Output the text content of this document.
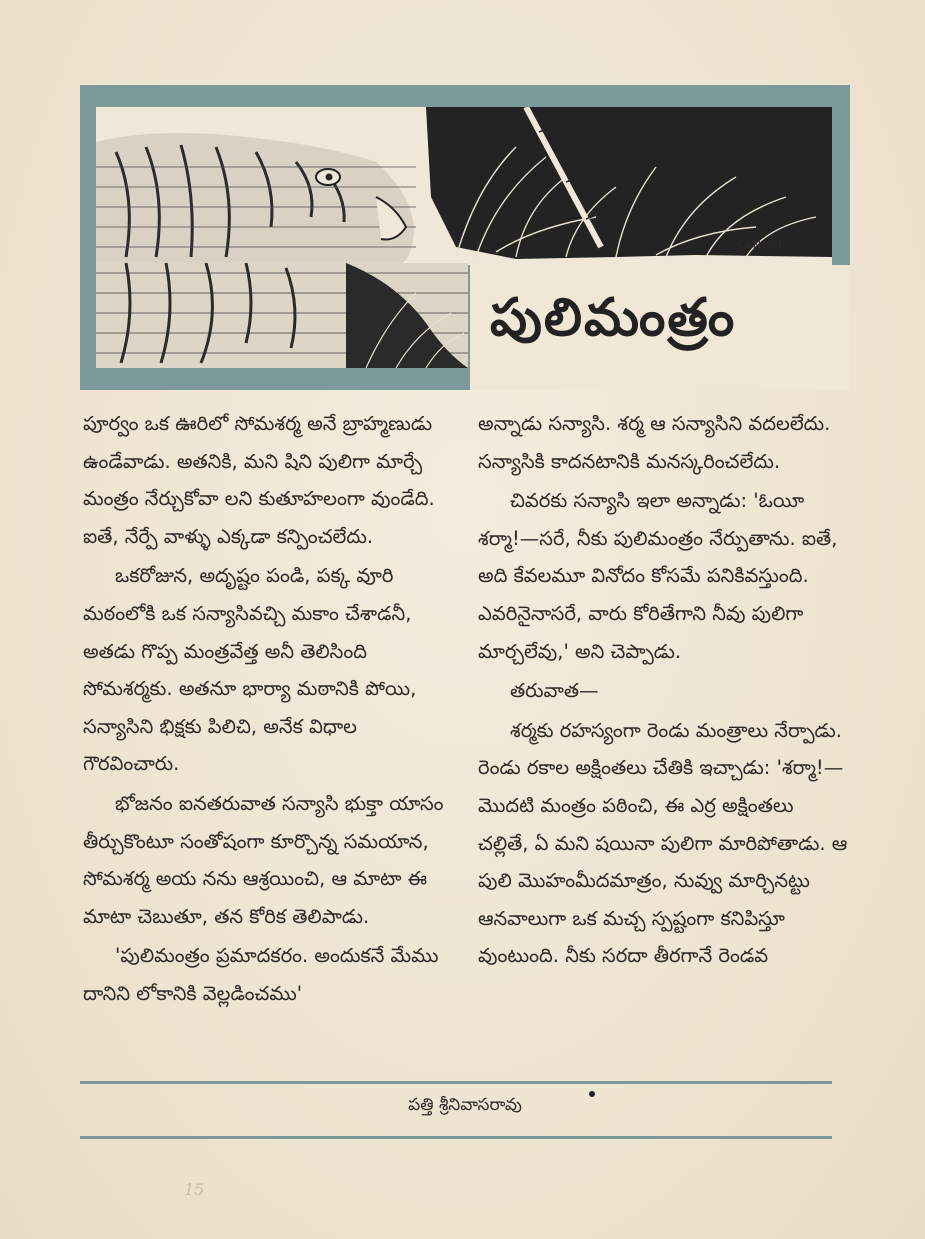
SANKAR..
పులిమంత్రం

పూర్వం ఒక ఊరిలో సోమశర్మ అనే బ్రాహ్మణుడు ఉండేవాడు. అతనికి, మని షిని పులిగా మార్చే మంత్రం నేర్చుకోవా లని కుతూహలంగా వుండేది. ఐతే, నేర్పే వాళ్ళు ఎక్కడా కన్పించలేదు.

ఒకరోజున, అదృష్టం పండి, పక్క వూరి మఠంలోకి ఒక సన్యాసివచ్చి మకాం చేశాడనీ, అతడు గొప్ప మంత్రవేత్త అనీ తెలిసింది సోమశర్మకు. అతనూ భార్యా మఠానికి పోయి, సన్యాసిని భిక్షకు పిలిచి, అనేక విధాల గౌరవించారు.

భోజనం ఐనతరువాత సన్యాసి భుక్తా యాసం తీర్చుకొంటూ సంతోషంగా కూర్చొన్న సమయాన, సోమశర్మ అయ నను ఆశ్రయించి, ఆ మాటా ఈ మాటా చెబుతూ, తన కోరిక తెలిపాడు.

'పులిమంత్రం ప్రమాదకరం. అందుకనే మేము దానిని లోకానికి వెల్లడించము'

అన్నాడు సన్యాసి. శర్మ ఆ సన్యాసిని వదలలేదు. సన్యాసికి కాదనటానికి మనస్కరించలేదు.

చివరకు సన్యాసి ఇలా అన్నాడు: 'ఓయీ శర్మా!—సరే, నీకు పులిమంత్రం నేర్పుతాను. ఐతే, అది కేవలమూ వినోదం కోసమే పనికివస్తుంది. ఎవరినైనాసరే, వారు కోరితేగాని నీవు పులిగా మార్చలేవు,' అని చెప్పాడు.

తరువాత—

శర్మకు రహస్యంగా రెండు మంత్రాలు నేర్పాడు. రెండు రకాల అక్షింతలు చేతికి ఇచ్చాడు: 'శర్మా!—మొదటి మంత్రం పఠించి, ఈ ఎర్ర అక్షింతలు చల్లితే, ఏ మని షయినా పులిగా మారిపోతాడు. ఆ పులి మొహంమీదమాత్రం, నువ్వు మార్చినట్టు ఆనవాలుగా ఒక మచ్చ స్పష్టంగా కనిపిస్తూ వుంటుంది. నీకు సరదా తీరగానే రెండవ

పత్తి శ్రీనివాసరావు
15
